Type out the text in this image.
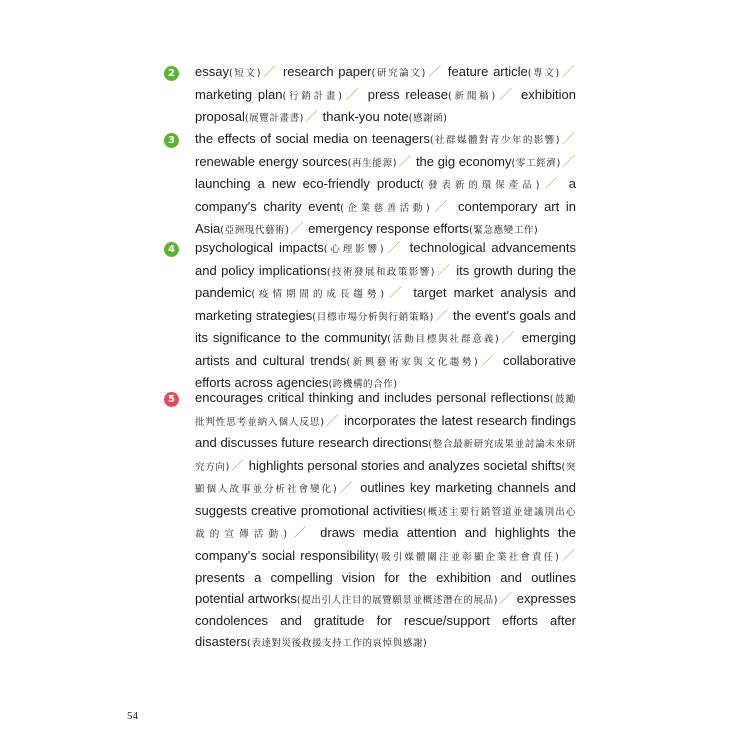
2	essay(短文)／ research paper(研究論文)／ feature article(專文)／ marketing plan(行銷計畫)／ press release(新聞稿)／ exhibition proposal(展覽計畫書)／ thank-you note(感謝函)
3	the effects of social media on teenagers(社群媒體對青少年的影響)／ renewable energy sources(再生能源)／ the gig economy(零工經濟)／ launching a new eco-friendly product(發表新的環保產品)／ a company's charity event(企業慈善活動)／ contemporary art in Asia(亞洲現代藝術)／ emergency response efforts(緊急應變工作)
4	psychological impacts(心理影響)／ technological advancements and policy implications(技術發展和政策影響)／ its growth during the pandemic(疫情期間的成長趨勢)／ target market analysis and marketing strategies(目標市場分析與行銷策略)／ the event's goals and its significance to the community(活動目標與社群意義)／ emerging artists and cultural trends(新興藝術家與文化趨勢)／ collaborative efforts across agencies(跨機構的合作)
5	encourages critical thinking and includes personal reflections(鼓勵批判性思考並納入個人反思)／ incorporates the latest research findings and discusses future research directions(整合最新研究成果並討論未來研究方向)／ highlights personal stories and analyzes societal shifts(突顯個人故事並分析社會變化)／ outlines key marketing channels and suggests creative promotional activities(概述主要行銷管道並建議別出心裁的宣傳活動)／ draws media attention and highlights the company's social responsibility(吸引媒體關注並彰顯企業社會責任)／ presents a compelling vision for the exhibition and outlines potential artworks(提出引人注目的展覽願景並概述潛在的展品)／ expresses condolences and gratitude for rescue/support efforts after disasters(表達對災後救援支持工作的哀悼與感謝)
54
